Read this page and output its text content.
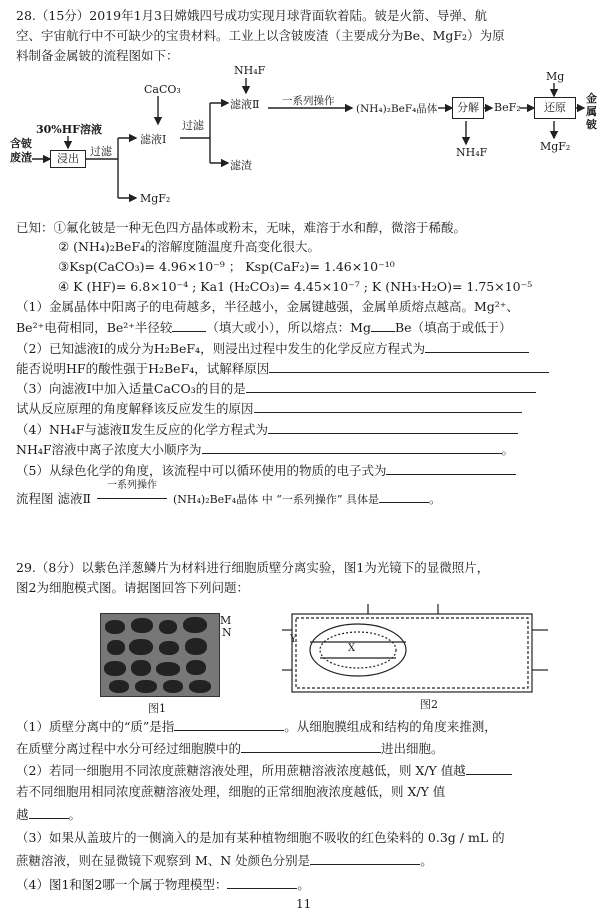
28.（15分）2019年1月3日嫦娥四号成功实现月球背面软着陆。铍是火箭、导弹、航
空、宇宙航行中不可缺少的宝贵材料。工业上以含铍废渣（主要成分为Be、MgF₂）为原
料制备金属铍的流程图如下：
含铍废渣
30%HF溶液
浸出
过滤
MgF₂
滤液Ⅰ
CaCO₃
过滤
滤液Ⅱ
滤渣
NH₄F
一系列操作
(NH₄)₂BeF₄晶体	分解
NH₄F
BeF₂
Mg
还原
MgF₂
金属铍
已知：①氟化铍是一种无色四方晶体或粉末，无味，难溶于水和醇，微溶于稀酸。
② (NH₄)₂BeF₄的溶解度随温度升高变化很大。
③Ksp(CaCO₃)= 4.96×10⁻⁹ ； Ksp(CaF₂)= 1.46×10⁻¹⁰
④ K (HF)= 6.8×10⁻⁴ ; Ka1 (H₂CO₃)= 4.45×10⁻⁷ ; K (NH₃·H₂O)= 1.75×10⁻⁵
（1）金属晶体中阳离子的电荷越多，半径越小，金属键越强，金属单质熔点越高。Mg²⁺、
Be²⁺电荷相同，Be²⁺半径较	（填大或小），所以熔点：Mg Be（填高于或低于）
（2）已知滤液Ⅰ的成分为H₂BeF₄，则浸出过程中发生的化学反应方程式为
能否说明HF的酸性强于H₂BeF₄，试解释原因
（3）向滤液Ⅰ中加入适量CaCO₃的目的是
试从反应原理的角度解释该反应发生的原因
（4）NH₄F与滤液Ⅱ发生反应的化学方程式为
NH₄F溶液中离子浓度大小顺序为	。
（5）从绿色化学的角度，该流程中可以循环使用的物质的电子式为
流程图 滤液Ⅱ
一系列操作
(NH₄)₂BeF₄晶体 中 “一系列操作” 具体是	。
29.（8分）以紫色洋葱鳞片为材料进行细胞质壁分离实验，图1为光镜下的显微照片，
图2为细胞模式图。请据图回答下列问题：
M
N
图1
Y
X
图2
（1）质壁分离中的“质”是指	。从细胞膜组成和结构的角度来推测，
在质壁分离过程中水分可经过细胞膜中的	进出细胞。
（2）若同一细胞用不同浓度蔗糖溶液处理，所用蔗糖溶液浓度越低，则 X/Y 值越
若不同细胞用相同浓度蔗糖溶液处理，细胞的正常细胞液浓度越低，则 X/Y 值
越	。
（3）如果从盖玻片的一侧滴入的是加有某种植物细胞不吸收的红色染料的 0.3g / mL 的
蔗糖溶液，则在显微镜下观察到 M、N 处颜色分别是	。
（4）图1和图2哪一个属于物理模型：	。
11
